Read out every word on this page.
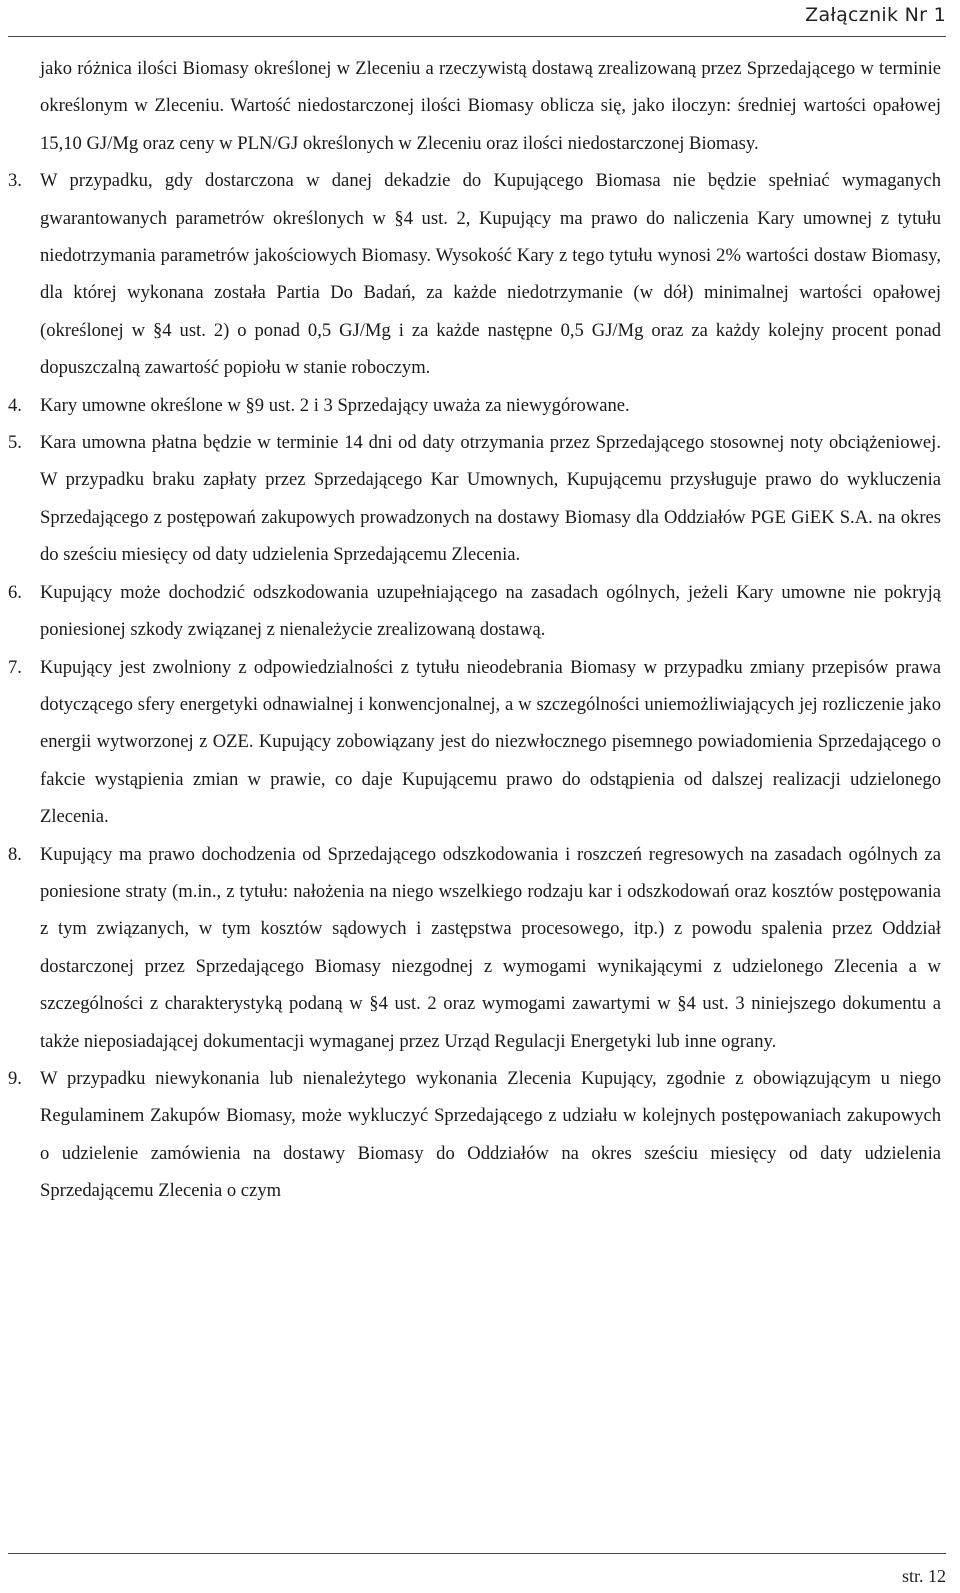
Załącznik Nr 1

jako różnica ilości Biomasy określonej w Zleceniu a rzeczywistą dostawą zrealizowaną przez Sprzedającego w terminie określonym w Zleceniu. Wartość niedostarczonej ilości Biomasy oblicza się, jako iloczyn: średniej wartości opałowej 15,10 GJ/Mg oraz ceny w PLN/GJ określonych w Zleceniu oraz ilości niedostarczonej Biomasy.

3. W przypadku, gdy dostarczona w danej dekadzie do Kupującego Biomasa nie będzie spełniać wymaganych gwarantowanych parametrów określonych w §4 ust. 2, Kupujący ma prawo do naliczenia Kary umownej z tytułu niedotrzymania parametrów jakościowych Biomasy. Wysokość Kary z tego tytułu wynosi 2% wartości dostaw Biomasy, dla której wykonana została Partia Do Badań, za każde niedotrzymanie (w dół) minimalnej wartości opałowej (określonej w §4 ust. 2) o ponad 0,5 GJ/Mg i za każde następne 0,5 GJ/Mg oraz za każdy kolejny procent ponad dopuszczalną zawartość popiołu w stanie roboczym.
4. Kary umowne określone w §9 ust. 2 i 3 Sprzedający uważa za niewygórowane.
5. Kara umowna płatna będzie w terminie 14 dni od daty otrzymania przez Sprzedającego stosownej noty obciążeniowej. W przypadku braku zapłaty przez Sprzedającego Kar Umownych, Kupującemu przysługuje prawo do wykluczenia Sprzedającego z postępowań zakupowych prowadzonych na dostawy Biomasy dla Oddziałów PGE GiEK S.A. na okres do sześciu miesięcy od daty udzielenia Sprzedającemu Zlecenia.
6. Kupujący może dochodzić odszkodowania uzupełniającego na zasadach ogólnych, jeżeli Kary umowne nie pokryją poniesionej szkody związanej z nienależycie zrealizowaną dostawą.
7. Kupujący jest zwolniony z odpowiedzialności z tytułu nieodebrania Biomasy w przypadku zmiany przepisów prawa dotyczącego sfery energetyki odnawialnej i konwencjonalnej, a w szczególności uniemożliwiających jej rozliczenie jako energii wytworzonej z OZE. Kupujący zobowiązany jest do niezwłocznego pisemnego powiadomienia Sprzedającego o fakcie wystąpienia zmian w prawie, co daje Kupującemu prawo do odstąpienia od dalszej realizacji udzielonego Zlecenia.
8. Kupujący ma prawo dochodzenia od Sprzedającego odszkodowania i roszczeń regresowych na zasadach ogólnych za poniesione straty (m.in., z tytułu: nałożenia na niego wszelkiego rodzaju kar i odszkodowań oraz kosztów postępowania z tym związanych, w tym kosztów sądowych i zastępstwa procesowego, itp.) z powodu spalenia przez Oddział dostarczonej przez Sprzedającego Biomasy niezgodnej z wymogami wynikającymi z udzielonego Zlecenia a w szczególności z charakterystyką podaną w §4 ust. 2 oraz wymogami zawartymi w §4 ust. 3 niniejszego dokumentu a także nieposiadającej dokumentacji wymaganej przez Urząd Regulacji Energetyki lub inne ograny.
9. W przypadku niewykonania lub nienależytego wykonania Zlecenia Kupujący, zgodnie z obowiązującym u niego Regulaminem Zakupów Biomasy, może wykluczyć Sprzedającego z udziału w kolejnych postępowaniach zakupowych o udzielenie zamówienia na dostawy Biomasy do Oddziałów na okres sześciu miesięcy od daty udzielenia Sprzedającemu Zlecenia o czym
str. 12
